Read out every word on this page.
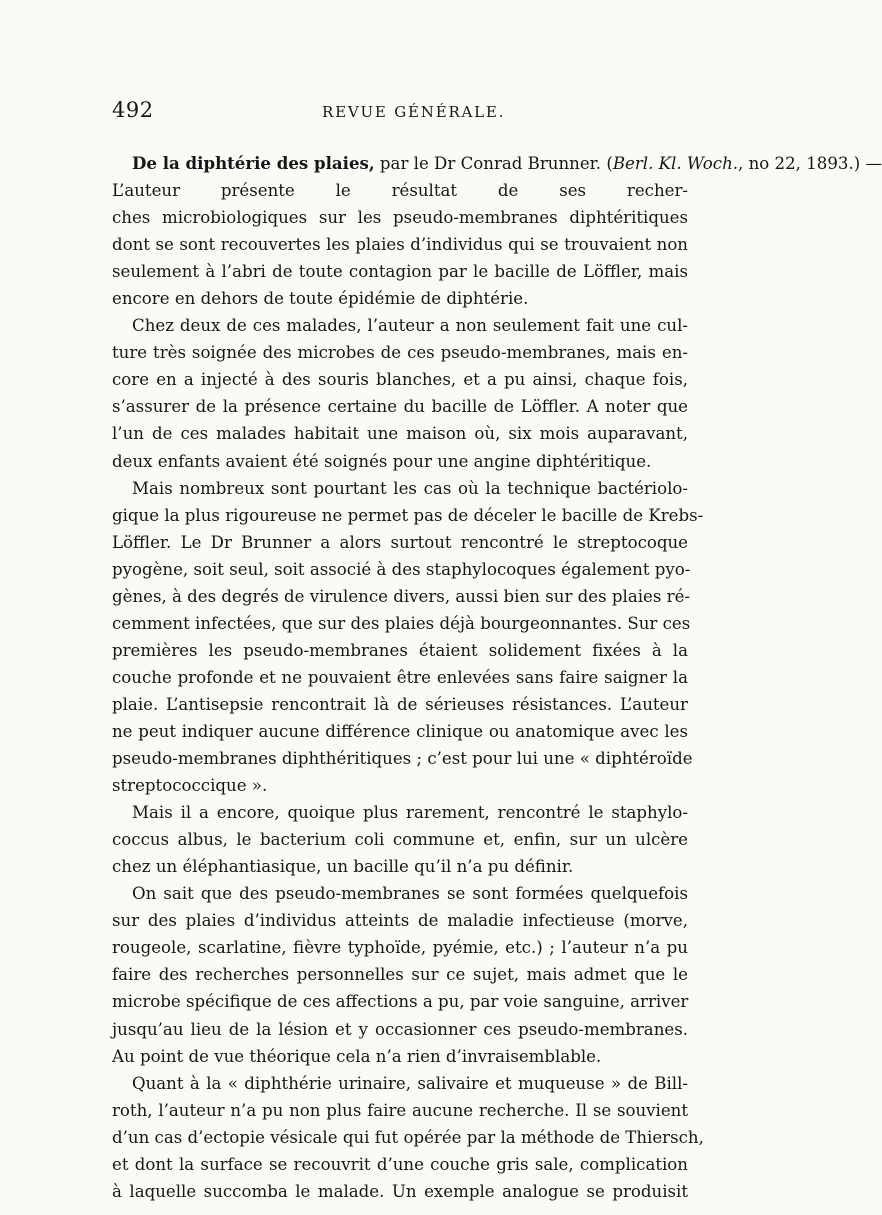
492	REVUE GÉNÉRALE.
De la diphtérie des plaies, par le Dr Conrad Brunner. (Berl. Kl. Woch., no 22, 1893.) —
L’auteur présente le résultat de ses recher-
ches microbiologiques sur les pseudo-membranes diphtéritiques
dont se sont recouvertes les plaies d’individus qui se trouvaient non
seulement à l’abri de toute contagion par le bacille de Löffler, mais
encore en dehors de toute épidémie de diphtérie.
Chez deux de ces malades, l’auteur a non seulement fait une cul-
ture très soignée des microbes de ces pseudo-membranes, mais en-
core en a injecté à des souris blanches, et a pu ainsi, chaque fois,
s’assurer de la présence certaine du bacille de Löffler. A noter que
l’un de ces malades habitait une maison où, six mois auparavant,
deux enfants avaient été soignés pour une angine diphtéritique.
Mais nombreux sont pourtant les cas où la technique bactériolo-
gique la plus rigoureuse ne permet pas de déceler le bacille de Krebs-
Löffler. Le Dr Brunner a alors surtout rencontré le streptocoque
pyogène, soit seul, soit associé à des staphylocoques également pyo-
gènes, à des degrés de virulence divers, aussi bien sur des plaies ré-
cemment infectées, que sur des plaies déjà bourgeonnantes. Sur ces
premières les pseudo-membranes étaient solidement fixées à la
couche profonde et ne pouvaient être enlevées sans faire saigner la
plaie. L’antisepsie rencontrait là de sérieuses résistances. L’auteur
ne peut indiquer aucune différence clinique ou anatomique avec les
pseudo-membranes diphthéritiques ; c’est pour lui une « diphtéroïde
streptococcique ».
Mais il a encore, quoique plus rarement, rencontré le staphylo-
coccus albus, le bacterium coli commune et, enfin, sur un ulcère
chez un éléphantiasique, un bacille qu’il n’a pu définir.
On sait que des pseudo-membranes se sont formées quelquefois
sur des plaies d’individus atteints de maladie infectieuse (morve,
rougeole, scarlatine, fièvre typhoïde, pyémie, etc.) ; l’auteur n’a pu
faire des recherches personnelles sur ce sujet, mais admet que le
microbe spécifique de ces affections a pu, par voie sanguine, arriver
jusqu’au lieu de la lésion et y occasionner ces pseudo-membranes.
Au point de vue théorique cela n’a rien d’invraisemblable.
Quant à la « diphthérie urinaire, salivaire et muqueuse » de Bill-
roth, l’auteur n’a pu non plus faire aucune recherche. Il se souvient
d’un cas d’ectopie vésicale qui fut opérée par la méthode de Thiersch,
et dont la surface se recouvrit d’une couche gris sale, complication
à laquelle succomba le malade. Un exemple analogue se produisit
